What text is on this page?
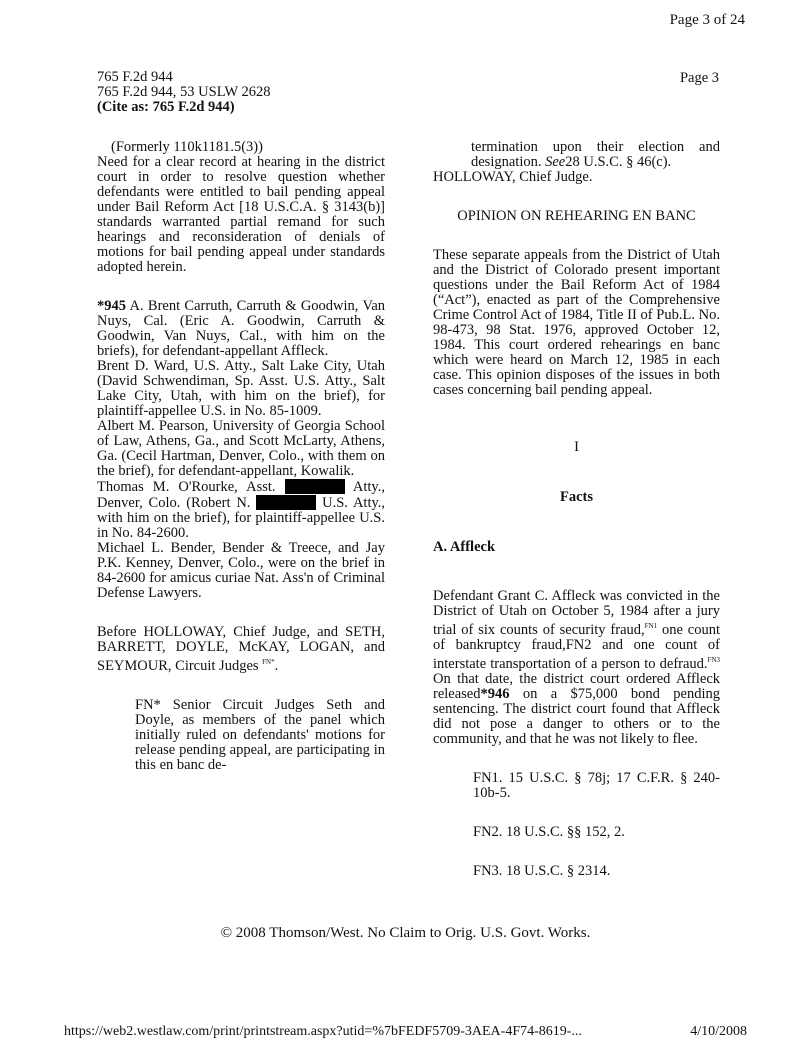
Page 3 of 24
765 F.2d 944
765 F.2d 944, 53 USLW 2628
(Cite as: 765 F.2d 944)
Page 3

(Formerly 110k1181.5(3))

Need for a clear record at hearing in the district court in order to resolve question whether defendants were entitled to bail pending appeal under Bail Reform Act [18 U.S.C.A. § 3143(b)] standards warranted partial remand for such hearings and reconsideration of denials of motions for bail pending appeal under standards adopted herein.

*945 A. Brent Carruth, Carruth & Goodwin, Van Nuys, Cal. (Eric A. Goodwin, Carruth & Goodwin, Van Nuys, Cal., with him on the briefs), for defendant-appellant Affleck.

Brent D. Ward, U.S. Atty., Salt Lake City, Utah (David Schwendiman, Sp. Asst. U.S. Atty., Salt Lake City, Utah, with him on the brief), for plaintiff-appellee U.S. in No. 85-1009.

Albert M. Pearson, University of Georgia School of Law, Athens, Ga., and Scott McLarty, Athens, Ga. (Cecil Hartman, Denver, Colo., with them on the brief), for defendant-appellant, Kowalik.

Thomas M. O'Rourke, Asst.	Atty., Denver, Colo. (Robert N.	U.S. Atty., with him on the brief), for plaintiff-appellee U.S. in No. 84-2600.

Michael L. Bender, Bender & Treece, and Jay P.K. Kenney, Denver, Colo., were on the brief in 84-2600 for amicus curiae Nat. Ass'n of Criminal Defense Lawyers.

Before HOLLOWAY, Chief Judge, and SETH, BARRETT, DOYLE, McKAY, LOGAN, and SEYMOUR, Circuit Judges $^{FN*}$.

FN* Senior Circuit Judges Seth and Doyle, as members of the panel which initially ruled on defendants' motions for release pending appeal, are participating in this en banc de-

termination upon their election and designation. See28 U.S.C. § 46(c).

HOLLOWAY, Chief Judge.

OPINION ON REHEARING EN BANC

These separate appeals from the District of Utah and the District of Colorado present important questions under the Bail Reform Act of 1984 (“Act”), enacted as part of the Comprehensive Crime Control Act of 1984, Title II of Pub.L. No. 98-473, 98 Stat. 1976, approved October 12, 1984. This court ordered rehearings en banc which were heard on March 12, 1985 in each case. This opinion disposes of the issues in both cases concerning bail pending appeal.

I

Facts

A. Affleck

Defendant Grant C. Affleck was convicted in the District of Utah on October 5, 1984 after a jury trial of six counts of security fraud,$^{FN1}$ one count of bankruptcy fraud,FN2 and one count of interstate transportation of a person to defraud.$^{FN3}$ On that date, the district court ordered Affleck released*946 on a $75,000 bond pending sentencing. The district court found that Affleck did not pose a danger to others or to the community, and that he was not likely to flee.

FN1. 15 U.S.C. § 78j; 17 C.F.R. § 240-10b-5.

FN2. 18 U.S.C. §§ 152, 2.

FN3. 18 U.S.C. § 2314.

© 2008 Thomson/West. No Claim to Orig. U.S. Govt. Works.
https://web2.westlaw.com/print/printstream.aspx?utid=%7bFEDF5709-3AEA-4F74-8619-...	4/10/2008
